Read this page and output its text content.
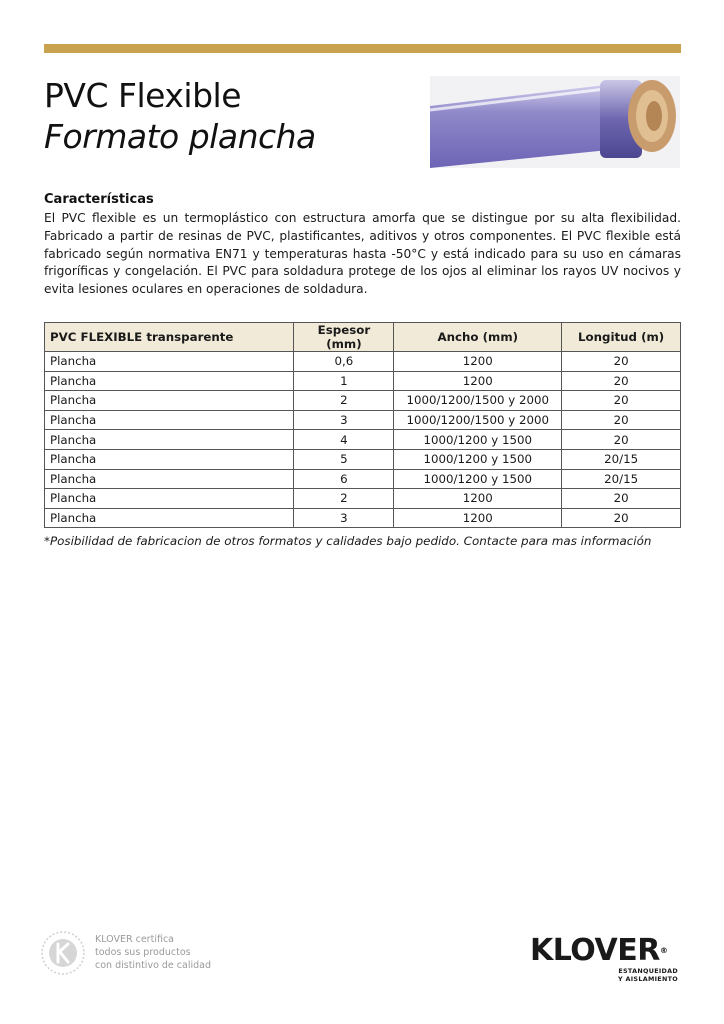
PVC Flexible
Formato plancha
Características
El PVC flexible es un termoplástico con estructura amorfa que se distingue por su alta flexibilidad. Fabricado a partir de resinas de PVC, plastificantes, aditivos y otros componentes. El PVC flexible está fabricado según normativa EN71 y temperaturas hasta -50°C y está indicado para su uso en cámaras frigoríficas y congelación. El PVC para soldadura protege de los ojos al eliminar los rayos UV nocivos y evita lesiones oculares en operaciones de soldadura.
PVC FLEXIBLE transparente	Espesor (mm)	Ancho (mm)	Longitud (m)
Plancha	0,6	1200	20
Plancha	1	1200	20
Plancha	2	1000/1200/1500 y 2000	20
Plancha	3	1000/1200/1500 y 2000	20
Plancha	4	1000/1200 y 1500	20
Plancha	5	1000/1200 y 1500	20/15
Plancha	6	1000/1200 y 1500	20/15
Plancha	2	1200	20
Plancha	3	1200	20
*Posibilidad de fabricacion de otros formatos y calidades bajo pedido. Contacte para mas información
KLOVER certifica
todos sus productos
con distintivo de calidad	KLOVER®
ESTANQUEIDAD
Y AISLAMIENTO
